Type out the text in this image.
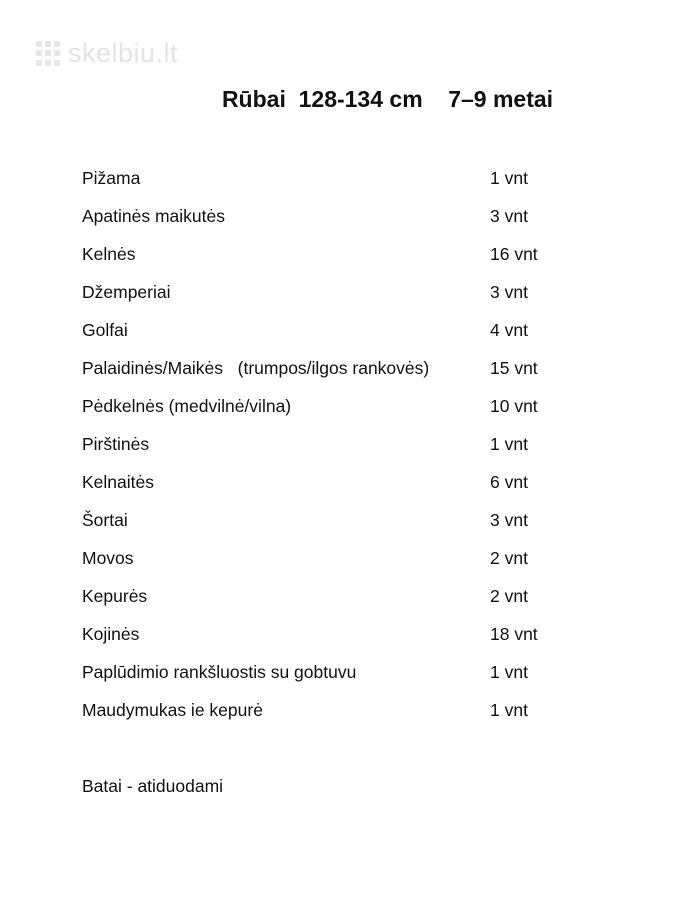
skelbiu.lt
Rūbai  128-134 cm    7–9 metai
Pižama	1 vnt
Apatinės maikutės	3 vnt
Kelnės	16 vnt
Džemperiai	3 vnt
Golfai	4 vnt
Palaidinės/Maikės   (trumpos/ilgos rankovės)	15 vnt
Pėdkelnės (medvilnė/vilna)	10 vnt
Pirštinės	1 vnt
Kelnaitės	6 vnt
Šortai	3 vnt
Movos	2 vnt
Kepurės	2 vnt
Kojinės	18 vnt
Paplūdimio rankšluostis su gobtuvu	1 vnt
Maudymukas ie kepurė	1 vnt
Batai - atiduodami
